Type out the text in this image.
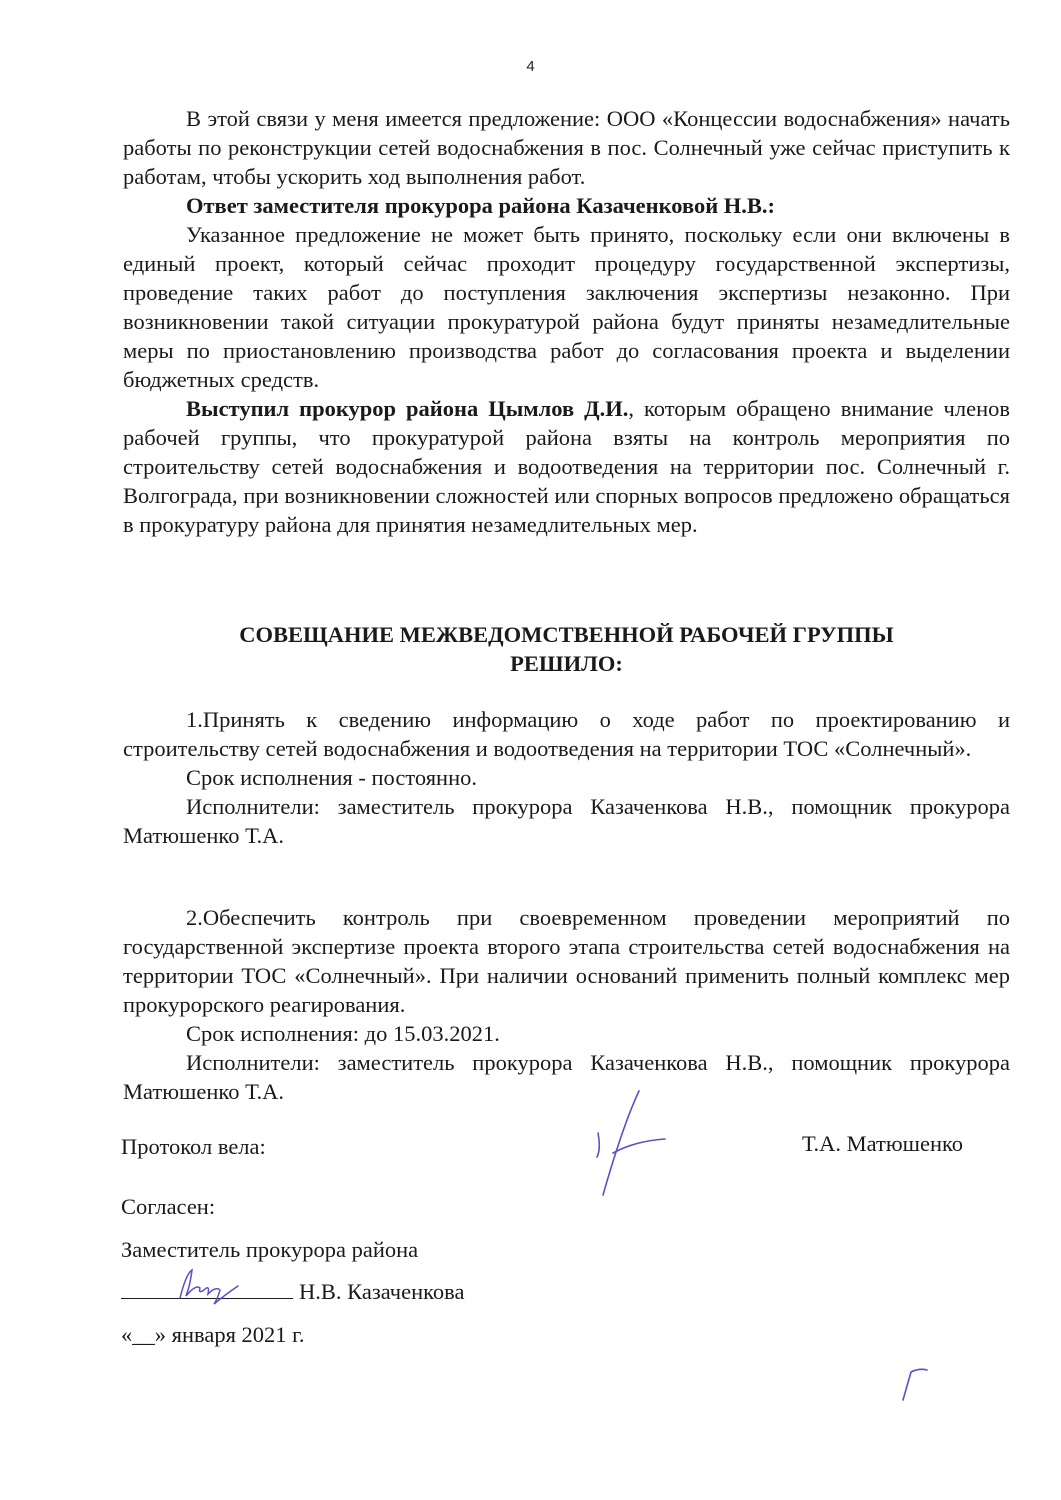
4

В этой связи у меня имеется предложение: ООО «Концессии водоснабжения» начать работы по реконструкции сетей водоснабжения в пос. Солнечный уже сейчас приступить к работам, чтобы ускорить ход выполнения работ.

Ответ заместителя прокурора района Казаченковой Н.В.:

Указанное предложение не может быть принято, поскольку если они включены в единый проект, который сейчас проходит процедуру государственной экспертизы, проведение таких работ до поступления заключения экспертизы незаконно. При возникновении такой ситуации прокуратурой района будут приняты незамедлительные меры по приостановлению производства работ до согласования проекта и выделении бюджетных средств.

Выступил прокурор района Цымлов Д.И., которым обращено внимание членов рабочей группы, что прокуратурой района взяты на контроль мероприятия по строительству сетей водоснабжения и водоотведения на территории пос. Солнечный г. Волгограда, при возникновении сложностей или спорных вопросов предложено обращаться в прокуратуру района для принятия незамедлительных мер.

СОВЕЩАНИЕ МЕЖВЕДОМСТВЕННОЙ РАБОЧЕЙ ГРУППЫ
РЕШИЛО:

1.Принять к сведению информацию о ходе работ по проектированию и строительству сетей водоснабжения и водоотведения на территории ТОС «Солнечный».

Срок исполнения - постоянно.

Исполнители: заместитель прокурора Казаченкова Н.В., помощник прокурора Матюшенко Т.А.

2.Обеспечить контроль при своевременном проведении мероприятий по государственной экспертизе проекта второго этапа строительства сетей водоснабжения на территории ТОС «Солнечный». При наличии оснований применить полный комплекс мер прокурорского реагирования.

Срок исполнения: до 15.03.2021.

Исполнители: заместитель прокурора Казаченкова Н.В., помощник прокурора Матюшенко Т.А.

Протокол вела:	Т.А. Матюшенко
Согласен:
Заместитель прокурора района
Н.В. Казаченкова
«__» января 2021 г.
